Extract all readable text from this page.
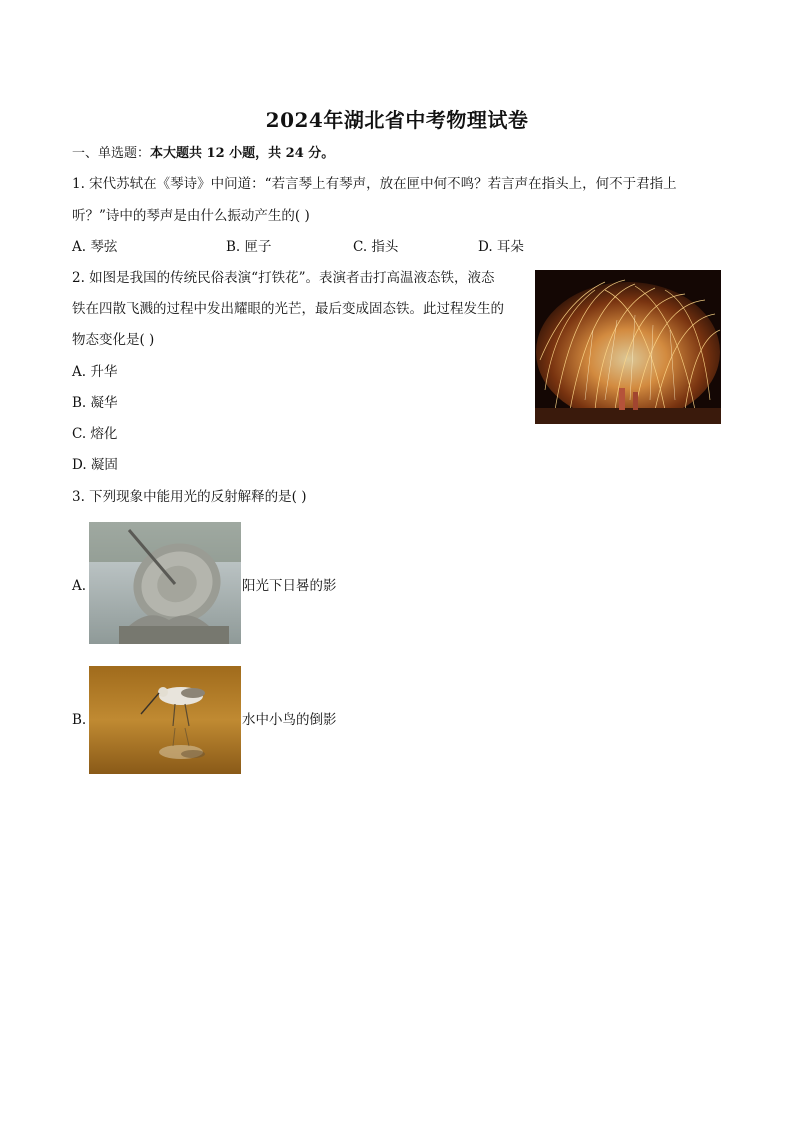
2024年湖北省中考物理试卷
一、单选题：本大题共 12 小题，共 24 分。
1. 宋代苏轼在《琴诗》中问道：“若言琴上有琴声，放在匣中何不鸣？若言声在指头上，何不于君指上
听？”诗中的琴声是由什么振动产生的( )
A. 琴弦	B. 匣子	C. 指头	D. 耳朵
2. 如图是我国的传统民俗表演“打铁花”。表演者击打高温液态铁，液态
铁在四散飞溅的过程中发出耀眼的光芒，最后变成固态铁。此过程发生的
物态变化是( )
A. 升华
B. 凝华
C. 熔化
D. 凝固
3. 下列现象中能用光的反射解释的是( )
A.	阳光下日晷的影
B.	水中小鸟的倒影
